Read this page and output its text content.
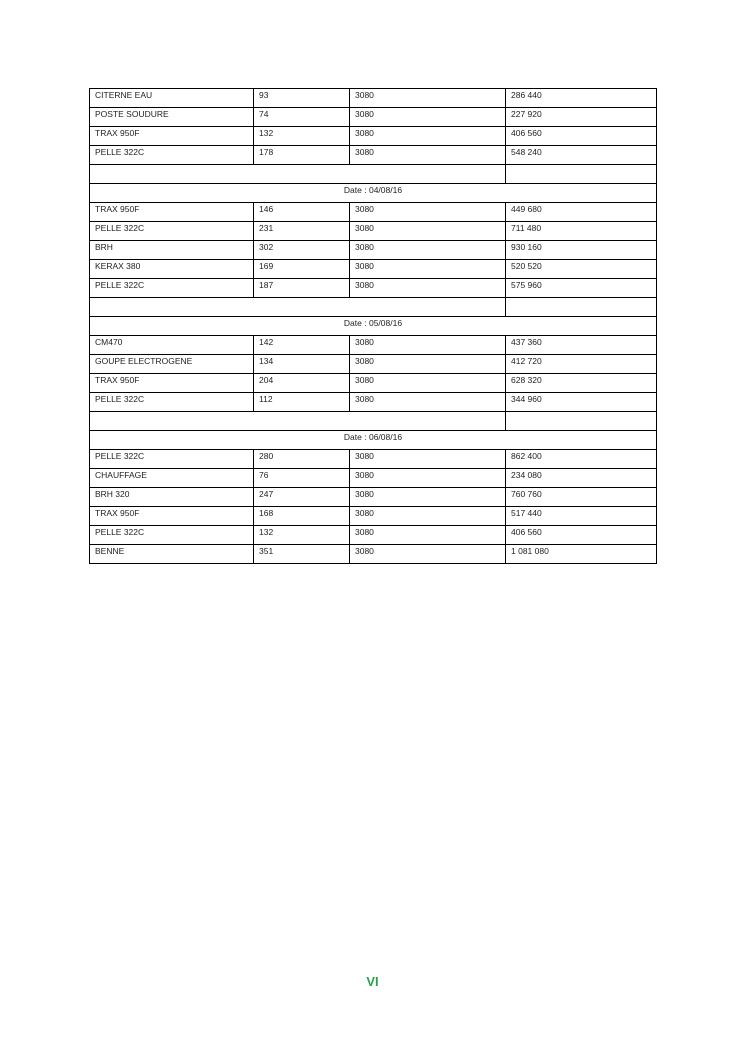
CITERNE EAU	93	3080	286 440
POSTE SOUDURE	74	3080	227 920
TRAX 950F	132	3080	406 560
PELLE 322C	178	3080	548 240

Date : 04/08/16			
TRAX 950F	146	3080	449 680
PELLE 322C	231	3080	711 480
BRH	302	3080	930 160
KERAX 380	169	3080	520 520
PELLE 322C	187	3080	575 960

Date : 05/08/16			
CM470	142	3080	437 360
GOUPE ELECTROGENE	134	3080	412 720
TRAX 950F	204	3080	628 320
PELLE 322C	112	3080	344 960

Date : 06/08/16			
PELLE 322C	280	3080	862 400
CHAUFFAGE	76	3080	234 080
BRH 320	247	3080	760 760
TRAX 950F	168	3080	517 440
PELLE 322C	132	3080	406 560
BENNE	351	3080	1 081 080
VI
